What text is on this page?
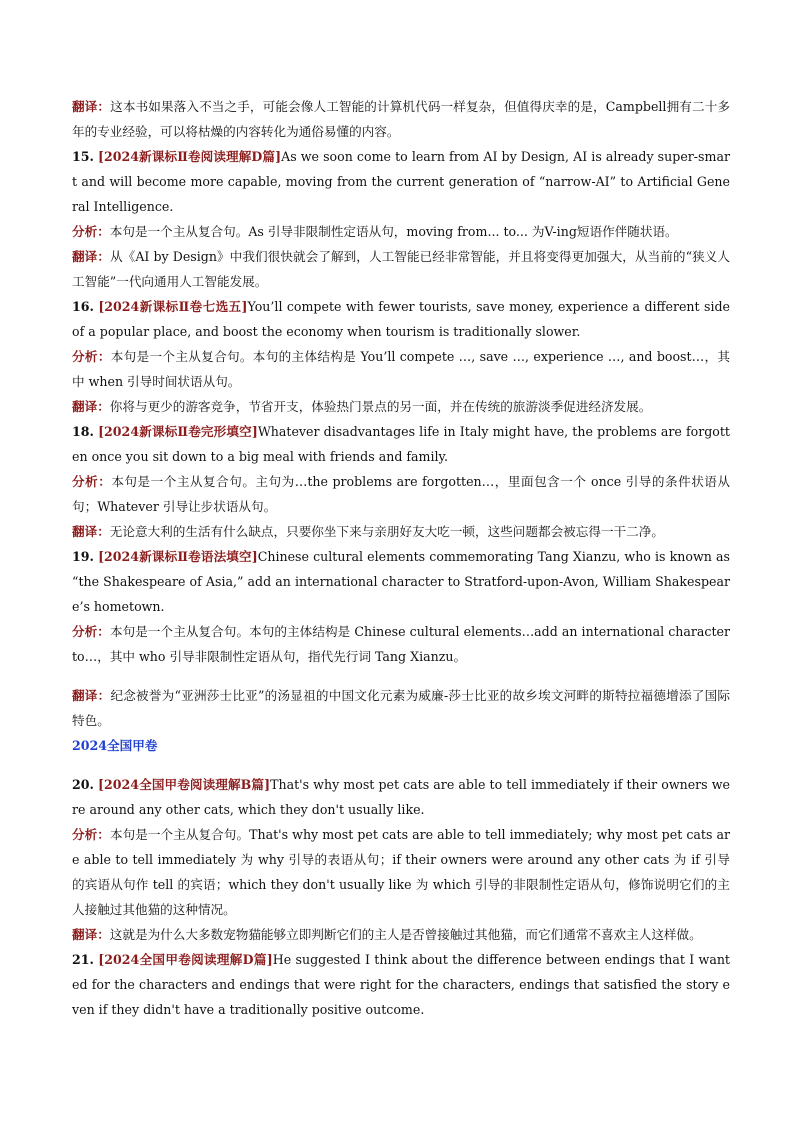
翻译：这本书如果落入不当之手，可能会像人工智能的计算机代码一样复杂，但值得庆幸的是，Campbell拥有二十多年的专业经验，可以将枯燥的内容转化为通俗易懂的内容。

15. [2024新课标Ⅱ卷阅读理解D篇]As we soon come to learn from AI by Design, AI is already super-smart and will become more capable, moving from the current generation of “narrow-AI” to Artificial General Intelligence.

分析：本句是一个主从复合句。As 引导非限制性定语从句，moving from... to... 为V-ing短语作伴随状语。

翻译：从《AI by Design》中我们很快就会了解到，人工智能已经非常智能，并且将变得更加强大，从当前的“狭义人工智能”一代向通用人工智能发展。

16. [2024新课标Ⅱ卷七选五]You’ll compete with fewer tourists, save money, experience a different side of a popular place, and boost the economy when tourism is traditionally slower.

分析：本句是一个主从复合句。本句的主体结构是 You’ll compete …, save …, experience …, and boost…，其中 when 引导时间状语从句。

翻译：你将与更少的游客竞争，节省开支，体验热门景点的另一面，并在传统的旅游淡季促进经济发展。

18. [2024新课标Ⅱ卷完形填空]Whatever disadvantages life in Italy might have, the problems are forgotten once you sit down to a big meal with friends and family.

分析：本句是一个主从复合句。主句为…the problems are forgotten…，里面包含一个 once 引导的条件状语从句；Whatever 引导让步状语从句。

翻译：无论意大利的生活有什么缺点，只要你坐下来与亲朋好友大吃一顿，这些问题都会被忘得一干二净。

19. [2024新课标Ⅱ卷语法填空]Chinese cultural elements commemorating Tang Xianzu, who is known as “the Shakespeare of Asia,” add an international character to Stratford-upon-Avon, William Shakespeare’s hometown.

分析：本句是一个主从复合句。本句的主体结构是 Chinese cultural elements…add an international character to…，其中 who 引导非限制性定语从句，指代先行词 Tang Xianzu。

翻译：纪念被誉为“亚洲莎士比亚”的汤显祖的中国文化元素为威廉-莎士比亚的故乡埃文河畔的斯特拉福德增添了国际特色。

2024全国甲卷

20. [2024全国甲卷阅读理解B篇]That's why most pet cats are able to tell immediately if their owners were around any other cats, which they don't usually like.

分析：本句是一个主从复合句。That's why most pet cats are able to tell immediately; why most pet cats are able to tell immediately 为 why 引导的表语从句；if their owners were around any other cats 为 if 引导的宾语从句作 tell 的宾语；which they don't usually like 为 which 引导的非限制性定语从句，修饰说明它们的主人接触过其他猫的这种情况。

翻译：这就是为什么大多数宠物猫能够立即判断它们的主人是否曾接触过其他猫，而它们通常不喜欢主人这样做。

21. [2024全国甲卷阅读理解D篇]He suggested I think about the difference between endings that I wanted for the characters and endings that were right for the characters, endings that satisfied the story even if they didn't have a traditionally positive outcome.
